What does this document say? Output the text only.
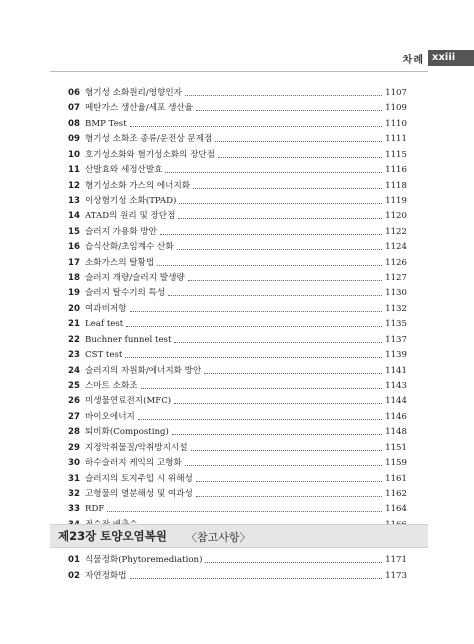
차례 xxiii
06 혐기성 소화원리/영향인자	1107
07 메탄가스 생산율/세포 생산율	1109
08 BMP Test	1110
09 혐기성 소화조 종류/운전상 문제점	1111
10 호기성소화와 혐기성소화의 장단점	1115
11 산발효와 세정산발효	1116
12 혐기성소화 가스의 에너지화	1118
13 이상혐기성 소화(TPAD)	1119
14 ATAD의 원리 및 장단점	1120
15 슬러지 가용화 방안	1122
16 습식산화/초임계수 산화	1124
17 소화가스의 탈황법	1126
18 슬러지 개량/슬러지 발생량	1127
19 슬러지 탈수기의 특성	1130
20 여과비저항	1132
21 Leaf test	1135
22 Buchner funnel test	1137
23 CST test	1139
24 슬러지의 자원화/에너지화 방안	1141
25 스마트 소화조	1143
26 미생물연료전지(MFC)	1144
27 바이오에너지	1146
28 퇴비화(Composting)	1148
29 지정악취물질/악취방지시설	1151
30 하수슬러지 케익의 고형화	1159
31 슬러지의 토지주입 시 위해성	1161
32 고형물의 열분해성 및 여과성	1162
33 RDF	1164
제23장 토양오염복원 〈참고사항〉
01 식물정화(Phytoremediation)	1171
02 자연정화법	1173
